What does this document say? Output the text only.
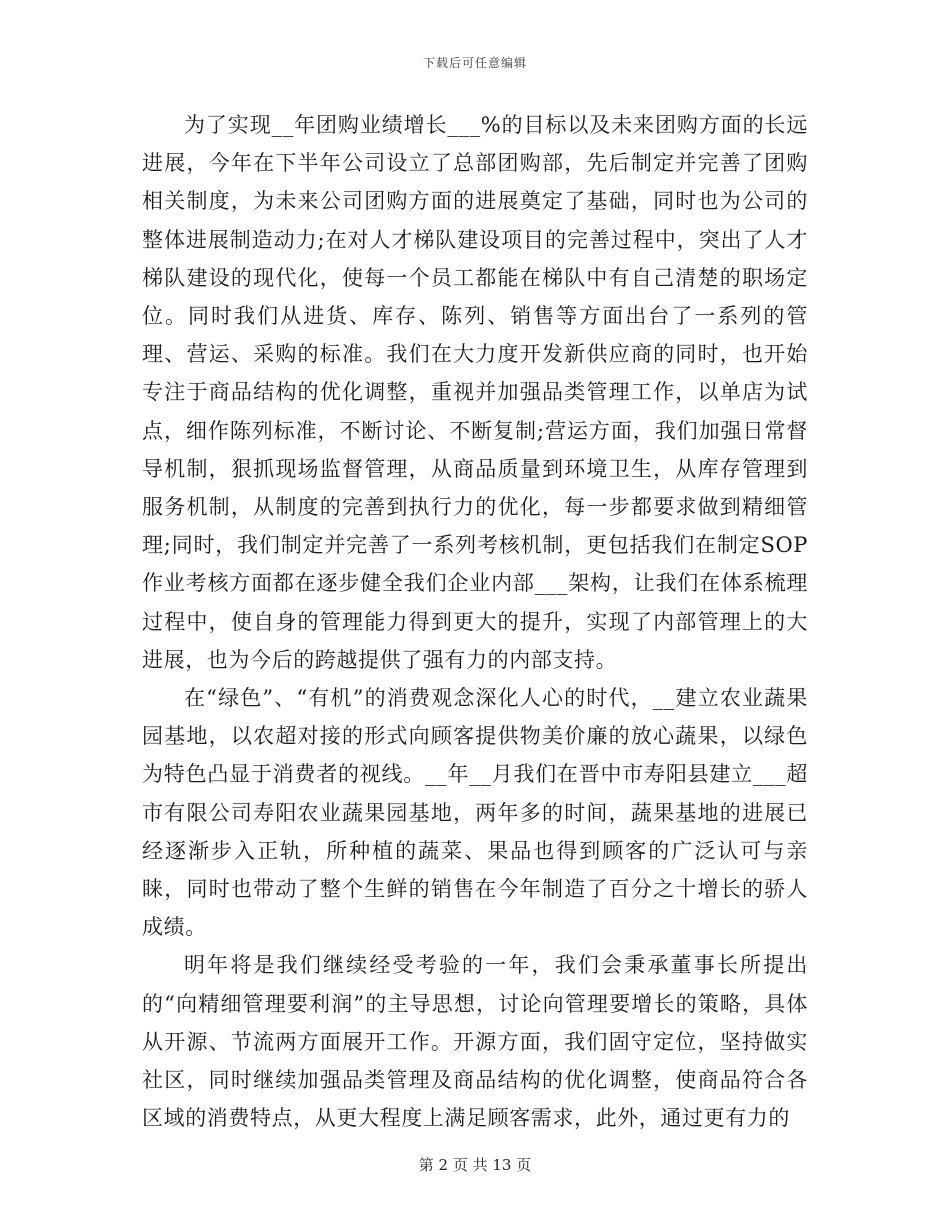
下载后可任意编辑

为了实现__年团购业绩增长___%的目标以及未来团购方面的长远进展，今年在下半年公司设立了总部团购部，先后制定并完善了团购相关制度，为未来公司团购方面的进展奠定了基础，同时也为公司的整体进展制造动力;在对人才梯队建设项目的完善过程中，突出了人才梯队建设的现代化，使每一个员工都能在梯队中有自己清楚的职场定位。同时我们从进货、库存、陈列、销售等方面出台了一系列的管理、营运、采购的标准。我们在大力度开发新供应商的同时，也开始专注于商品结构的优化调整，重视并加强品类管理工作，以单店为试点，细作陈列标准，不断讨论、不断复制;营运方面，我们加强日常督导机制，狠抓现场监督管理，从商品质量到环境卫生，从库存管理到服务机制，从制度的完善到执行力的优化，每一步都要求做到精细管理;同时，我们制定并完善了一系列考核机制，更包括我们在制定SOP作业考核方面都在逐步健全我们企业内部___架构，让我们在体系梳理过程中，使自身的管理能力得到更大的提升，实现了内部管理上的大进展，也为今后的跨越提供了强有力的内部支持。

在“绿色”、“有机”的消费观念深化人心的时代，__建立农业蔬果园基地，以农超对接的形式向顾客提供物美价廉的放心蔬果，以绿色为特色凸显于消费者的视线。__年__月我们在晋中市寿阳县建立___超市有限公司寿阳农业蔬果园基地，两年多的时间，蔬果基地的进展已经逐渐步入正轨，所种植的蔬菜、果品也得到顾客的广泛认可与亲睐，同时也带动了整个生鲜的销售在今年制造了百分之十增长的骄人成绩。

明年将是我们继续经受考验的一年，我们会秉承董事长所提出的“向精细管理要利润”的主导思想，讨论向管理要增长的策略，具体从开源、节流两方面展开工作。开源方面，我们固守定位，坚持做实社区，同时继续加强品类管理及商品结构的优化调整，使商品符合各区域的消费特点，从更大程度上满足顾客需求，此外，通过更有力的

第 2 页 共 13 页
